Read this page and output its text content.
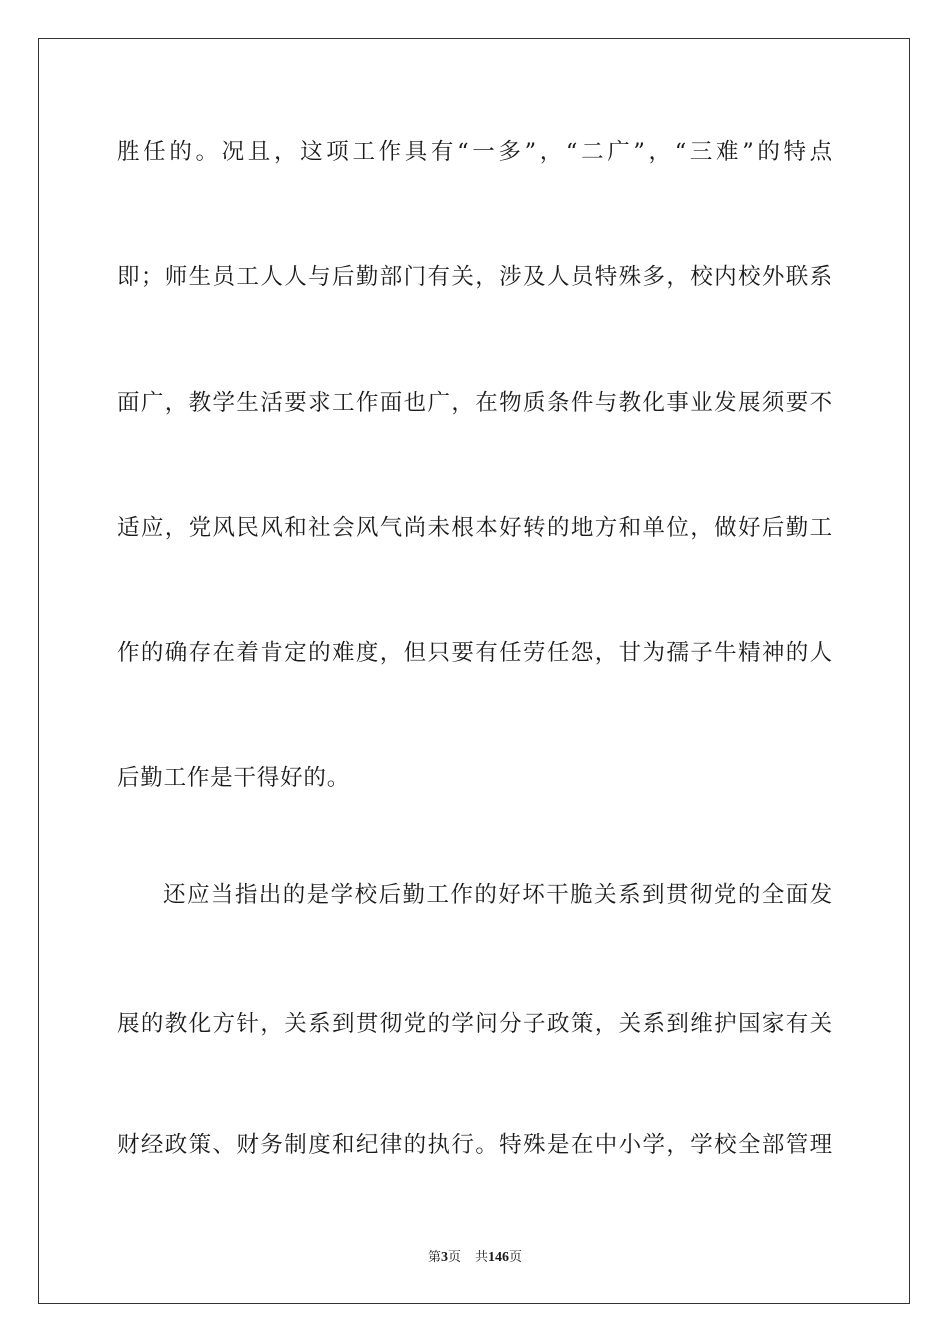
胜任的。况且，这项工作具有“一多”，“二广”，“三难”的特点
即；师生员工人人与后勤部门有关，涉及人员特殊多，校内校外联系
面广，教学生活要求工作面也广，在物质条件与教化事业发展须要不
适应，党风民风和社会风气尚未根本好转的地方和单位，做好后勤工
作的确存在着肯定的难度，但只要有任劳任怨，甘为孺子牛精神的人
后勤工作是干得好的。
还应当指出的是学校后勤工作的好坏干脆关系到贯彻党的全面发
展的教化方针，关系到贯彻党的学问分子政策，关系到维护国家有关
财经政策、财务制度和纪律的执行。特殊是在中小学，学校全部管理
第3页 共146页
